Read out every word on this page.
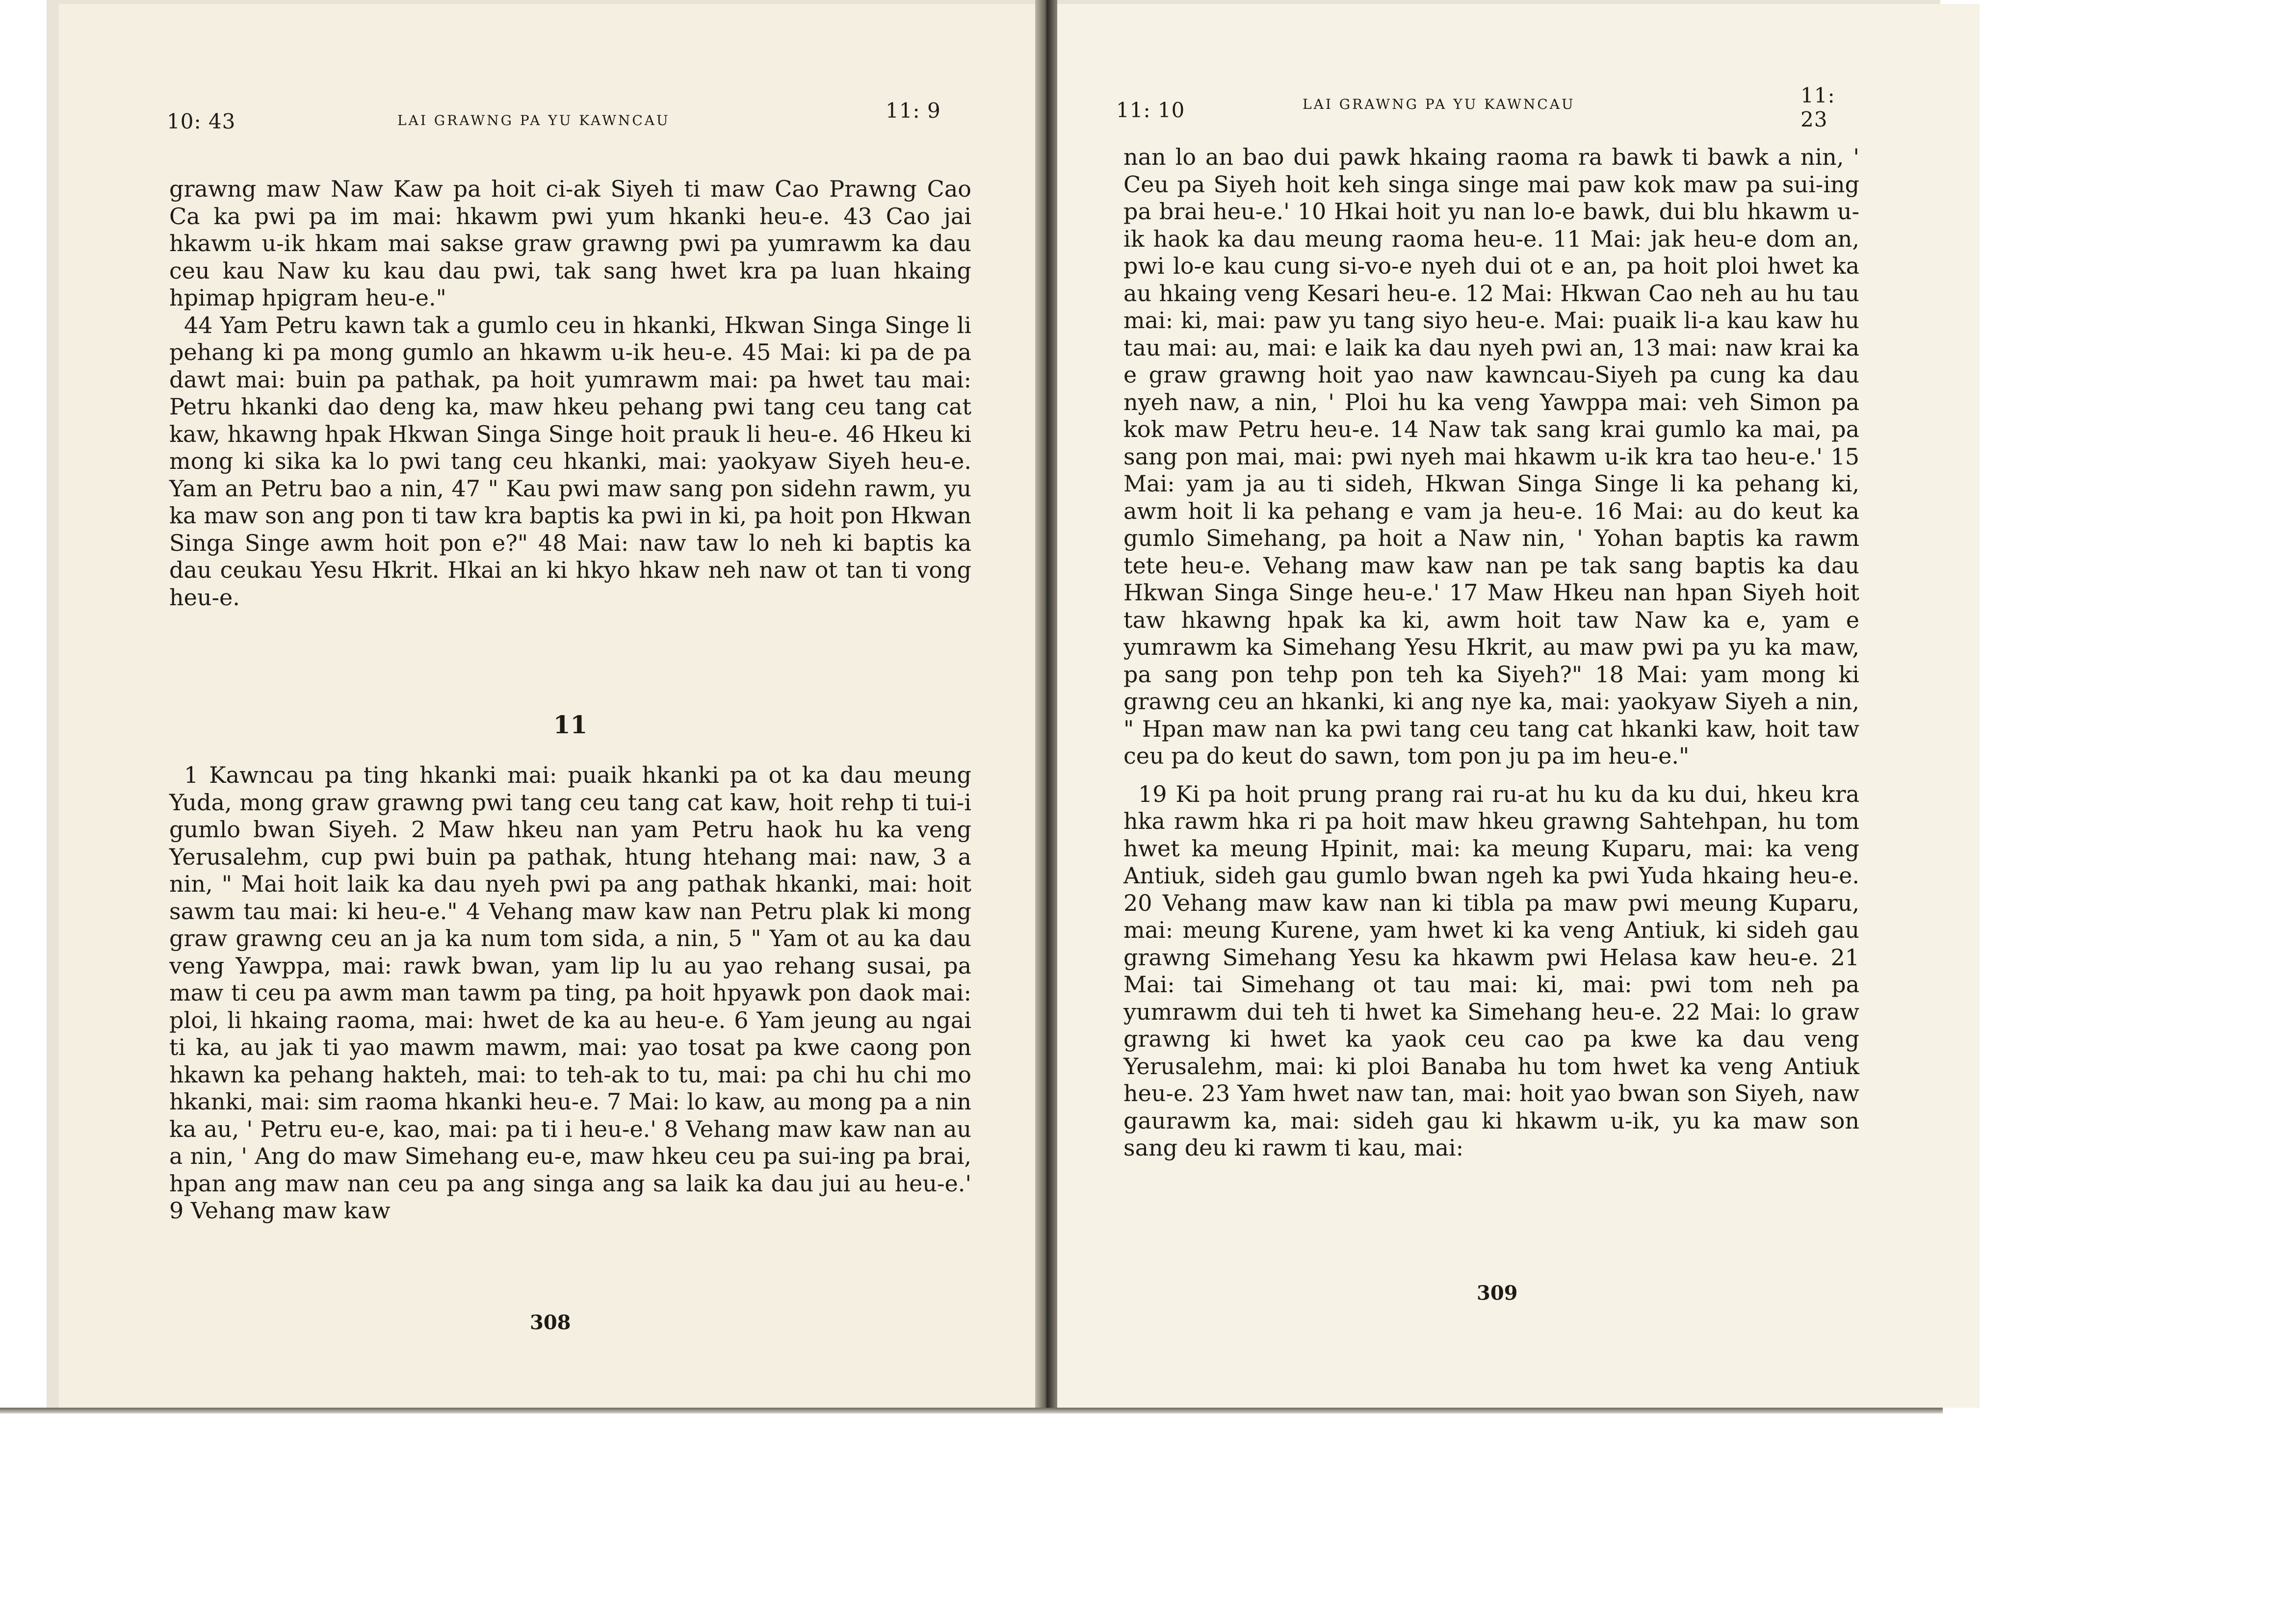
10: 43	LAI GRAWNG PA YU KAWNCAU	11: 9

grawng maw Naw Kaw pa hoit ci-ak Siyeh ti maw Cao Prawng Cao Ca ka pwi pa im mai: hkawm pwi yum hkanki heu-e. 43 Cao jai hkawm u-ik hkam mai sakse graw grawng pwi pa yumrawm ka dau ceu kau Naw ku kau dau pwi, tak sang hwet kra pa luan hkaing hpimap hpigram heu-e."

44 Yam Petru kawn tak a gumlo ceu in hkanki, Hkwan Singa Singe li pehang ki pa mong gumlo an hkawm u-ik heu-e. 45 Mai: ki pa de pa dawt mai: buin pa pathak, pa hoit yumrawm mai: pa hwet tau mai: Petru hkanki dao deng ka, maw hkeu pehang pwi tang ceu tang cat kaw, hkawng hpak Hkwan Singa Singe hoit prauk li heu-e. 46 Hkeu ki mong ki sika ka lo pwi tang ceu hkanki, mai: yaokyaw Siyeh heu-e. Yam an Petru bao a nin, 47 " Kau pwi maw sang pon sidehn rawm, yu ka maw son ang pon ti taw kra baptis ka pwi in ki, pa hoit pon Hkwan Singa Singe awm hoit pon e?" 48 Mai: naw taw lo neh ki baptis ka dau ceukau Yesu Hkrit. Hkai an ki hkyo hkaw neh naw ot tan ti vong heu-e.

11

1 Kawncau pa ting hkanki mai: puaik hkanki pa ot ka dau meung Yuda, mong graw grawng pwi tang ceu tang cat kaw, hoit rehp ti tui-i gumlo bwan Siyeh. 2 Maw hkeu nan yam Petru haok hu ka veng Yerusalehm, cup pwi buin pa pathak, htung htehang mai: naw, 3 a nin, " Mai hoit laik ka dau nyeh pwi pa ang pathak hkanki, mai: hoit sawm tau mai: ki heu-e." 4 Vehang maw kaw nan Petru plak ki mong graw grawng ceu an ja ka num tom sida, a nin, 5 " Yam ot au ka dau veng Yawppa, mai: rawk bwan, yam lip lu au yao rehang susai, pa maw ti ceu pa awm man tawm pa ting, pa hoit hpyawk pon daok mai: ploi, li hkaing raoma, mai: hwet de ka au heu-e. 6 Yam jeung au ngai ti ka, au jak ti yao mawm mawm, mai: yao tosat pa kwe caong pon hkawn ka pehang hakteh, mai: to teh-ak to tu, mai: pa chi hu chi mo hkanki, mai: sim raoma hkanki heu-e. 7 Mai: lo kaw, au mong pa a nin ka au, ' Petru eu-e, kao, mai: pa ti i heu-e.' 8 Vehang maw kaw nan au a nin, ' Ang do maw Simehang eu-e, maw hkeu ceu pa sui-ing pa brai, hpan ang maw nan ceu pa ang singa ang sa laik ka dau jui au heu-e.' 9 Vehang maw kaw

308
11: 10	LAI GRAWNG PA YU KAWNCAU	11: 23

nan lo an bao dui pawk hkaing raoma ra bawk ti bawk a nin, ' Ceu pa Siyeh hoit keh singa singe mai paw kok maw pa sui-ing pa brai heu-e.' 10 Hkai hoit yu nan lo-e bawk, dui blu hkawm u-ik haok ka dau meung raoma heu-e. 11 Mai: jak heu-e dom an, pwi lo-e kau cung si-vo-e nyeh dui ot e an, pa hoit ploi hwet ka au hkaing veng Kesari heu-e. 12 Mai: Hkwan Cao neh au hu tau mai: ki, mai: paw yu tang siyo heu-e. Mai: puaik li-a kau kaw hu tau mai: au, mai: e laik ka dau nyeh pwi an, 13 mai: naw krai ka e graw grawng hoit yao naw kawncau-Siyeh pa cung ka dau nyeh naw, a nin, ' Ploi hu ka veng Yawppa mai: veh Simon pa kok maw Petru heu-e. 14 Naw tak sang krai gumlo ka mai, pa sang pon mai, mai: pwi nyeh mai hkawm u-ik kra tao heu-e.' 15 Mai: yam ja au ti sideh, Hkwan Singa Singe li ka pehang ki, awm hoit li ka pehang e vam ja heu-e. 16 Mai: au do keut ka gumlo Simehang, pa hoit a Naw nin, ' Yohan baptis ka rawm tete heu-e. Vehang maw kaw nan pe tak sang baptis ka dau Hkwan Singa Singe heu-e.' 17 Maw Hkeu nan hpan Siyeh hoit taw hkawng hpak ka ki, awm hoit taw Naw ka e, yam e yumrawm ka Simehang Yesu Hkrit, au maw pwi pa yu ka maw, pa sang pon tehp pon teh ka Siyeh?" 18 Mai: yam mong ki grawng ceu an hkanki, ki ang nye ka, mai: yaokyaw Siyeh a nin, " Hpan maw nan ka pwi tang ceu tang cat hkanki kaw, hoit taw ceu pa do keut do sawn, tom pon ju pa im heu-e."

19 Ki pa hoit prung prang rai ru-at hu ku da ku dui, hkeu kra hka rawm hka ri pa hoit maw hkeu grawng Sahtehpan, hu tom hwet ka meung Hpinit, mai: ka meung Kuparu, mai: ka veng Antiuk, sideh gau gumlo bwan ngeh ka pwi Yuda hkaing heu-e. 20 Vehang maw kaw nan ki tibla pa maw pwi meung Kuparu, mai: meung Kurene, yam hwet ki ka veng Antiuk, ki sideh gau grawng Simehang Yesu ka hkawm pwi Helasa kaw heu-e. 21 Mai: tai Simehang ot tau mai: ki, mai: pwi tom neh pa yumrawm dui teh ti hwet ka Simehang heu-e. 22 Mai: lo graw grawng ki hwet ka yaok ceu cao pa kwe ka dau veng Yerusalehm, mai: ki ploi Banaba hu tom hwet ka veng Antiuk heu-e. 23 Yam hwet naw tan, mai: hoit yao bwan son Siyeh, naw gaurawm ka, mai: sideh gau ki hkawm u-ik, yu ka maw son sang deu ki rawm ti kau, mai:

309
